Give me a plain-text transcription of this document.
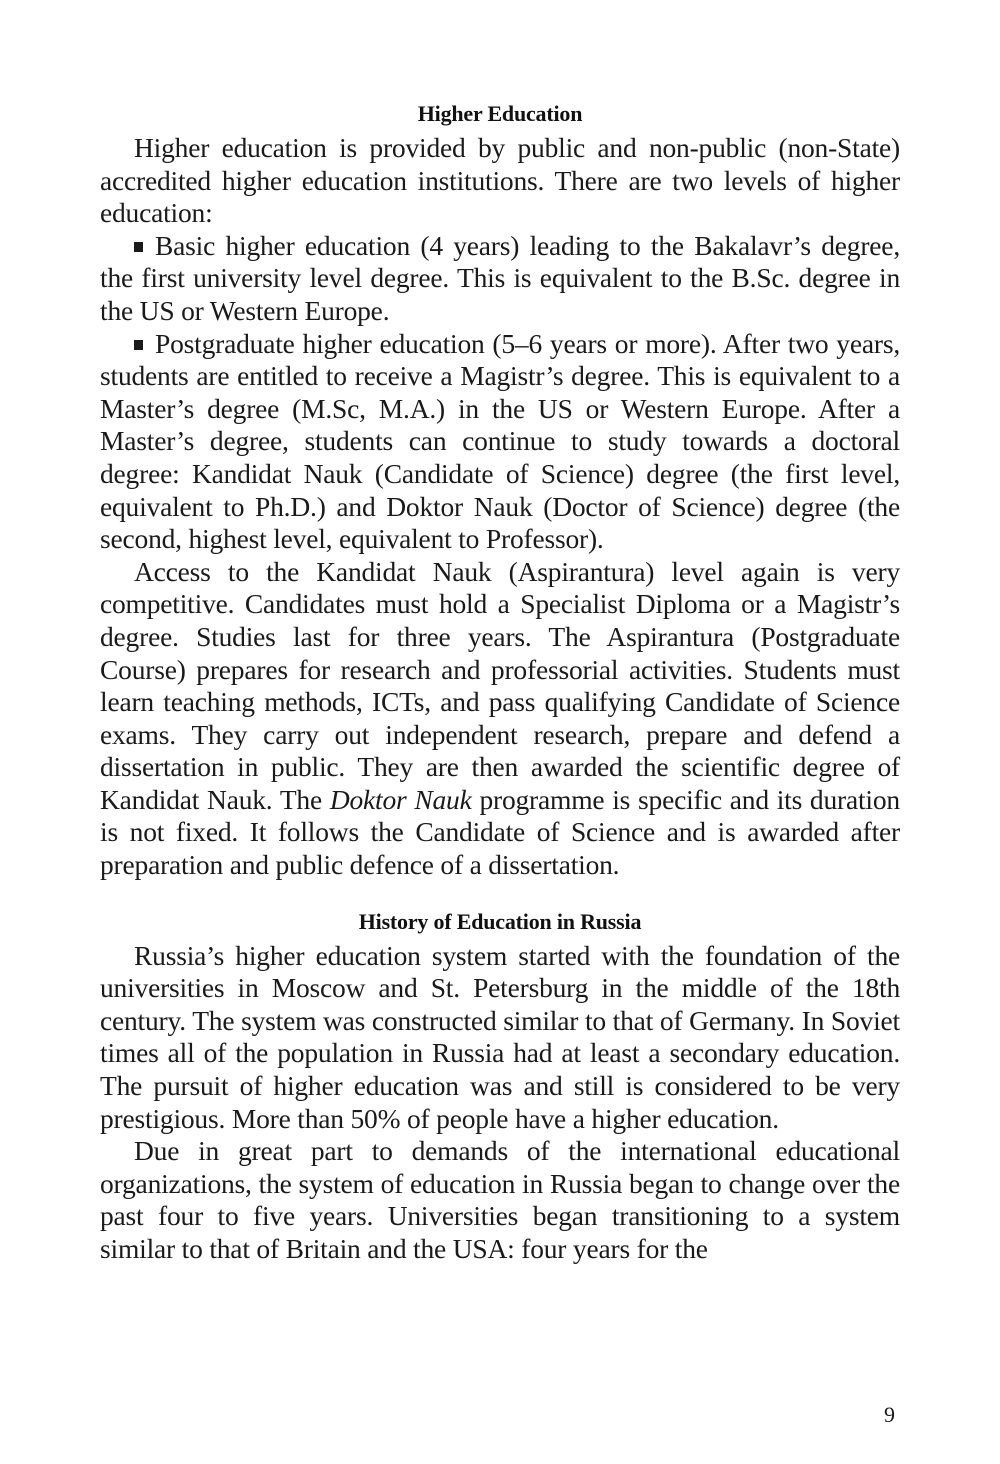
Higher Education

Higher education is provided by public and non-public (non-State) accredited higher education institutions. There are two levels of higher education:

Basic higher education (4 years) leading to the Bakalavr’s degree, the first university level degree. This is equivalent to the B.Sc. degree in the US or Western Europe.

Postgraduate higher education (5–6 years or more). After two years, students are entitled to receive a Magistr’s degree. This is equivalent to a Master’s degree (M.Sc, M.A.) in the US or Western Europe. After a Master’s degree, students can continue to study towards a doctoral degree: Kandidat Nauk (Candidate of Science) degree (the first level, equivalent to Ph.D.) and Doktor Nauk (Doctor of Science) degree (the second, highest level, equivalent to Professor).

Access to the Kandidat Nauk (Aspirantura) level again is very competitive. Candidates must hold a Specialist Diploma or a Magistr’s degree. Studies last for three years. The Aspirantura (Postgraduate Course) prepares for research and professorial activities. Students must learn teaching methods, ICTs, and pass qualifying Candidate of Science exams. They carry out independent research, prepare and defend a dissertation in public. They are then awarded the scientific degree of Kandidat Nauk. The Doktor Nauk programme is specific and its duration is not fixed. It follows the Candidate of Science and is awarded after preparation and public defence of a dissertation.

History of Education in Russia

Russia’s higher education system started with the foundation of the universities in Moscow and St. Petersburg in the middle of the 18th century. The system was constructed similar to that of Germany. In Soviet times all of the population in Russia had at least a secondary education. The pursuit of higher education was and still is considered to be very prestigious. More than 50% of people have a higher education.

Due in great part to demands of the international educational organizations, the system of education in Russia began to change over the past four to five years. Universities began transitioning to a system similar to that of Britain and the USA: four years for the

9
